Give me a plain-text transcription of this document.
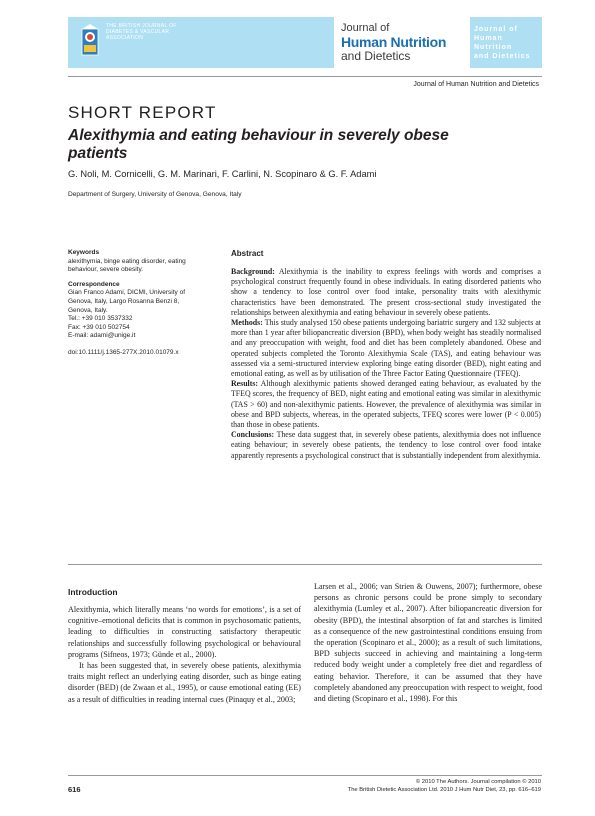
THE BRITISH JOURNAL OF
DIABETES & VASCULAR
ASSOCIATION
Journal of
Human Nutrition
and Dietetics
Journal of
Human Nutrition
and Dietetics
Journal of Human Nutrition and Dietetics
SHORT REPORT
Alexithymia and eating behaviour in severely obese patients
G. Noli, M. Cornicelli, G. M. Marinari, F. Carlini, N. Scopinaro & G. F. Adami
Department of Surgery, University of Genova, Genova, Italy
Keywords
alexithymia, binge eating disorder, eating
behaviour, severe obesity.
Correspondence
Gian Franco Adami, DICMI, University of
Genova, Italy, Largo Rosanna Benzi 8,
Genova, Italy.
Tel.: +39 010 3537332
Fax: +39 010 502754
E-mail: adami@unige.it
doi:10.1111/j.1365-277X.2010.01079.x
Abstract

Background: Alexithymia is the inability to express feelings with words and comprises a psychological construct frequently found in obese individuals. In eating disordered patients who show a tendency to lose control over food intake, personality traits with alexithymic characteristics have been demonstrated. The present cross-sectional study investigated the relationships between alexithymia and eating behaviour in severely obese patients.

Methods: This study analysed 150 obese patients undergoing bariatric surgery and 132 subjects at more than 1 year after biliopancreatic diversion (BPD), when body weight has steadily normalised and any preoccupation with weight, food and diet has been completely abandoned. Obese and operated subjects completed the Toronto Alexithymia Scale (TAS), and eating behaviour was assessed via a semi-structured interview exploring binge eating disorder (BED), night eating and emotional eating, as well as by utilisation of the Three Factor Eating Questionnaire (TFEQ).

Results: Although alexithymic patients showed deranged eating behaviour, as evaluated by the TFEQ scores, the frequency of BED, night eating and emotional eating was similar in alexithymic (TAS > 60) and non-alexithymic patients. However, the prevalence of alexithymia was similar in obese and BPD subjects, whereas, in the operated subjects, TFEQ scores were lower (P < 0.005) than those in obese patients.

Conclusions: These data suggest that, in severely obese patients, alexithymia does not influence eating behaviour; in severely obese patients, the tendency to lose control over food intake apparently represents a psychological construct that is substantially independent from alexithymia.

Introduction

Alexithymia, which literally means ‘no words for emotions’, is a set of cognitive–emotional deficits that is common in psychosomatic patients, leading to difficulties in constructing satisfactory therapeutic relationships and successfully following psychological or behavioural programs (Sifneos, 1973; Günde et al., 2000).

It has been suggested that, in severely obese patients, alexithymia traits might reflect an underlying eating disorder, such as binge eating disorder (BED) (de Zwaan et al., 1995), or cause emotional eating (EE) as a result of difficulties in reading internal cues (Pinaquy et al., 2003;

Larsen et al., 2006; van Strien & Ouwens, 2007); furthermore, obese persons as chronic persons could be prone simply to secondary alexithymia (Lumley et al., 2007). After biliopancreatic diversion for obesity (BPD), the intestinal absorption of fat and starches is limited as a consequence of the new gastrointestinal conditions ensuing from the operation (Scopinaro et al., 2000); as a result of such limitations, BPD subjects succeed in achieving and maintaining a long-term reduced body weight under a completely free diet and regardless of eating behavior. Therefore, it can be assumed that they have completely abandoned any preoccupation with respect to weight, food and dieting (Scopinaro et al., 1998). For this

616
© 2010 The Authors. Journal compilation © 2010
The British Dietetic Association Ltd. 2010 J Hum Nutr Diet, 23, pp. 616–619
